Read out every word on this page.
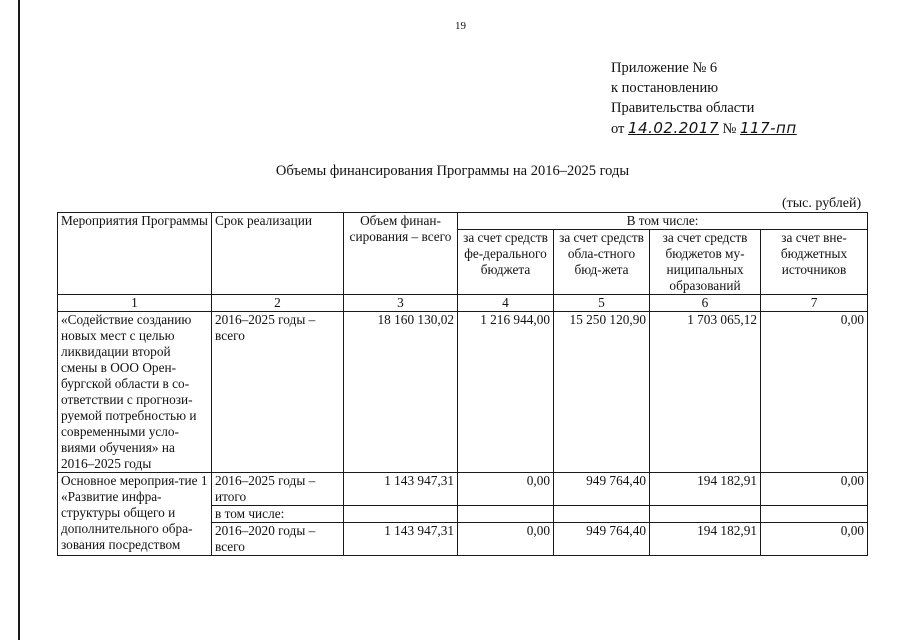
19
Приложение № 6
к постановлению
Правительства области
от 14.02.2017 № 117-пп
Объемы финансирования Программы на 2016–2025 годы
(тыс. рублей)
Мероприятия Программы	Срок реализации	Объем финан-сирования – всего	В том числе:			
			за счет средств фе-дерального бюджета	за счет средств обла-стного бюд-жета	за счет средств бюджетов му-ниципальных образований	за счет вне-бюджетных источников
1	2	3	4	5	6	7
«Содействие созданию новых мест с целью ликвидации второй смены в ООО Орен-бургской области в со-ответствии с прогнози-руемой потребностью и современными усло-виями обучения» на 2016–2025 годы	2016–2025 годы – всего	18 160 130,02	1 216 944,00	15 250 120,90	1 703 065,12	0,00
Основное мероприя-тие 1 «Развитие инфра-структуры общего и дополнительного обра-зования посредством	2016–2025 годы – итого	1 143 947,31	0,00	949 764,40	194 182,91	0,00
	в том числе:					
	2016–2020 годы – всего	1 143 947,31	0,00	949 764,40	194 182,91	0,00
